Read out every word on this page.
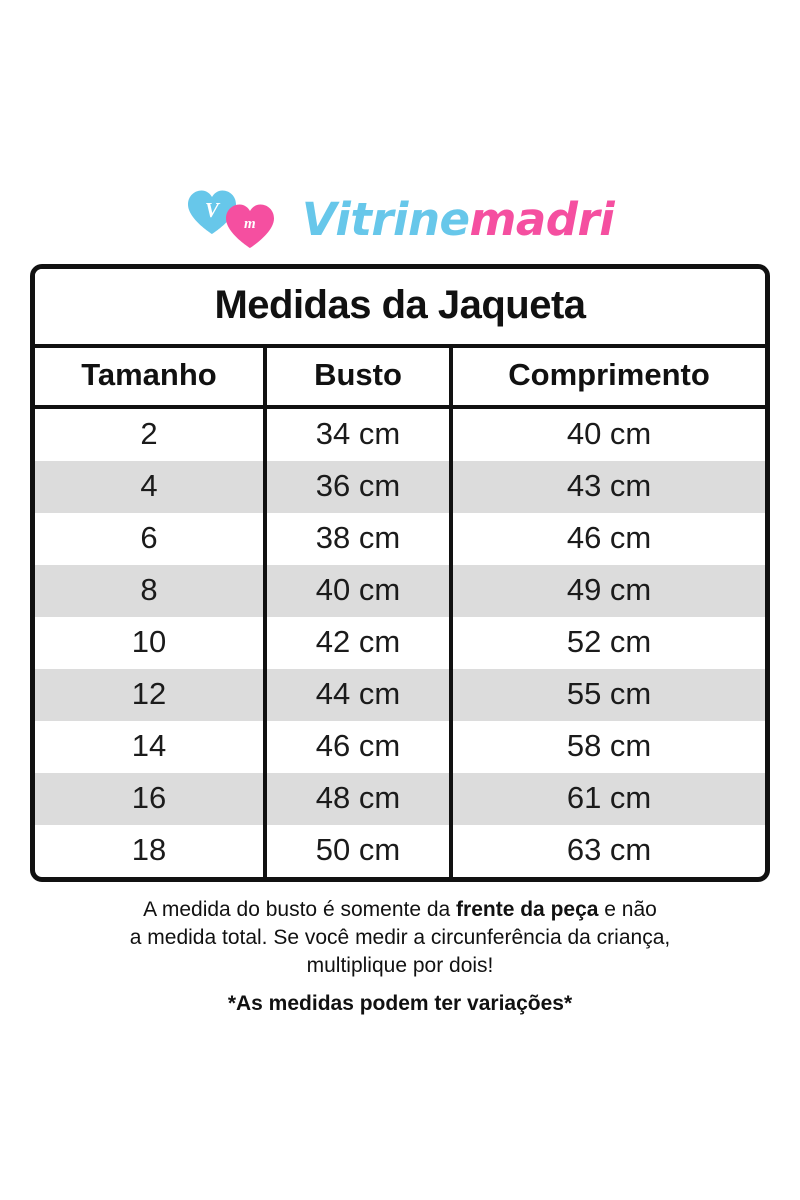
V
m	Vitrinemadri
Medidas da Jaqueta
Tamanho	Busto	Comprimento
2	34 cm	40 cm
4	36 cm	43 cm
6	38 cm	46 cm
8	40 cm	49 cm
10	42 cm	52 cm
12	44 cm	55 cm
14	46 cm	58 cm
16	48 cm	61 cm
18	50 cm	63 cm
A medida do busto é somente da frente da peça e não
a medida total. Se você medir a circunferência da criança,
multiplique por dois!
*As medidas podem ter variações*
